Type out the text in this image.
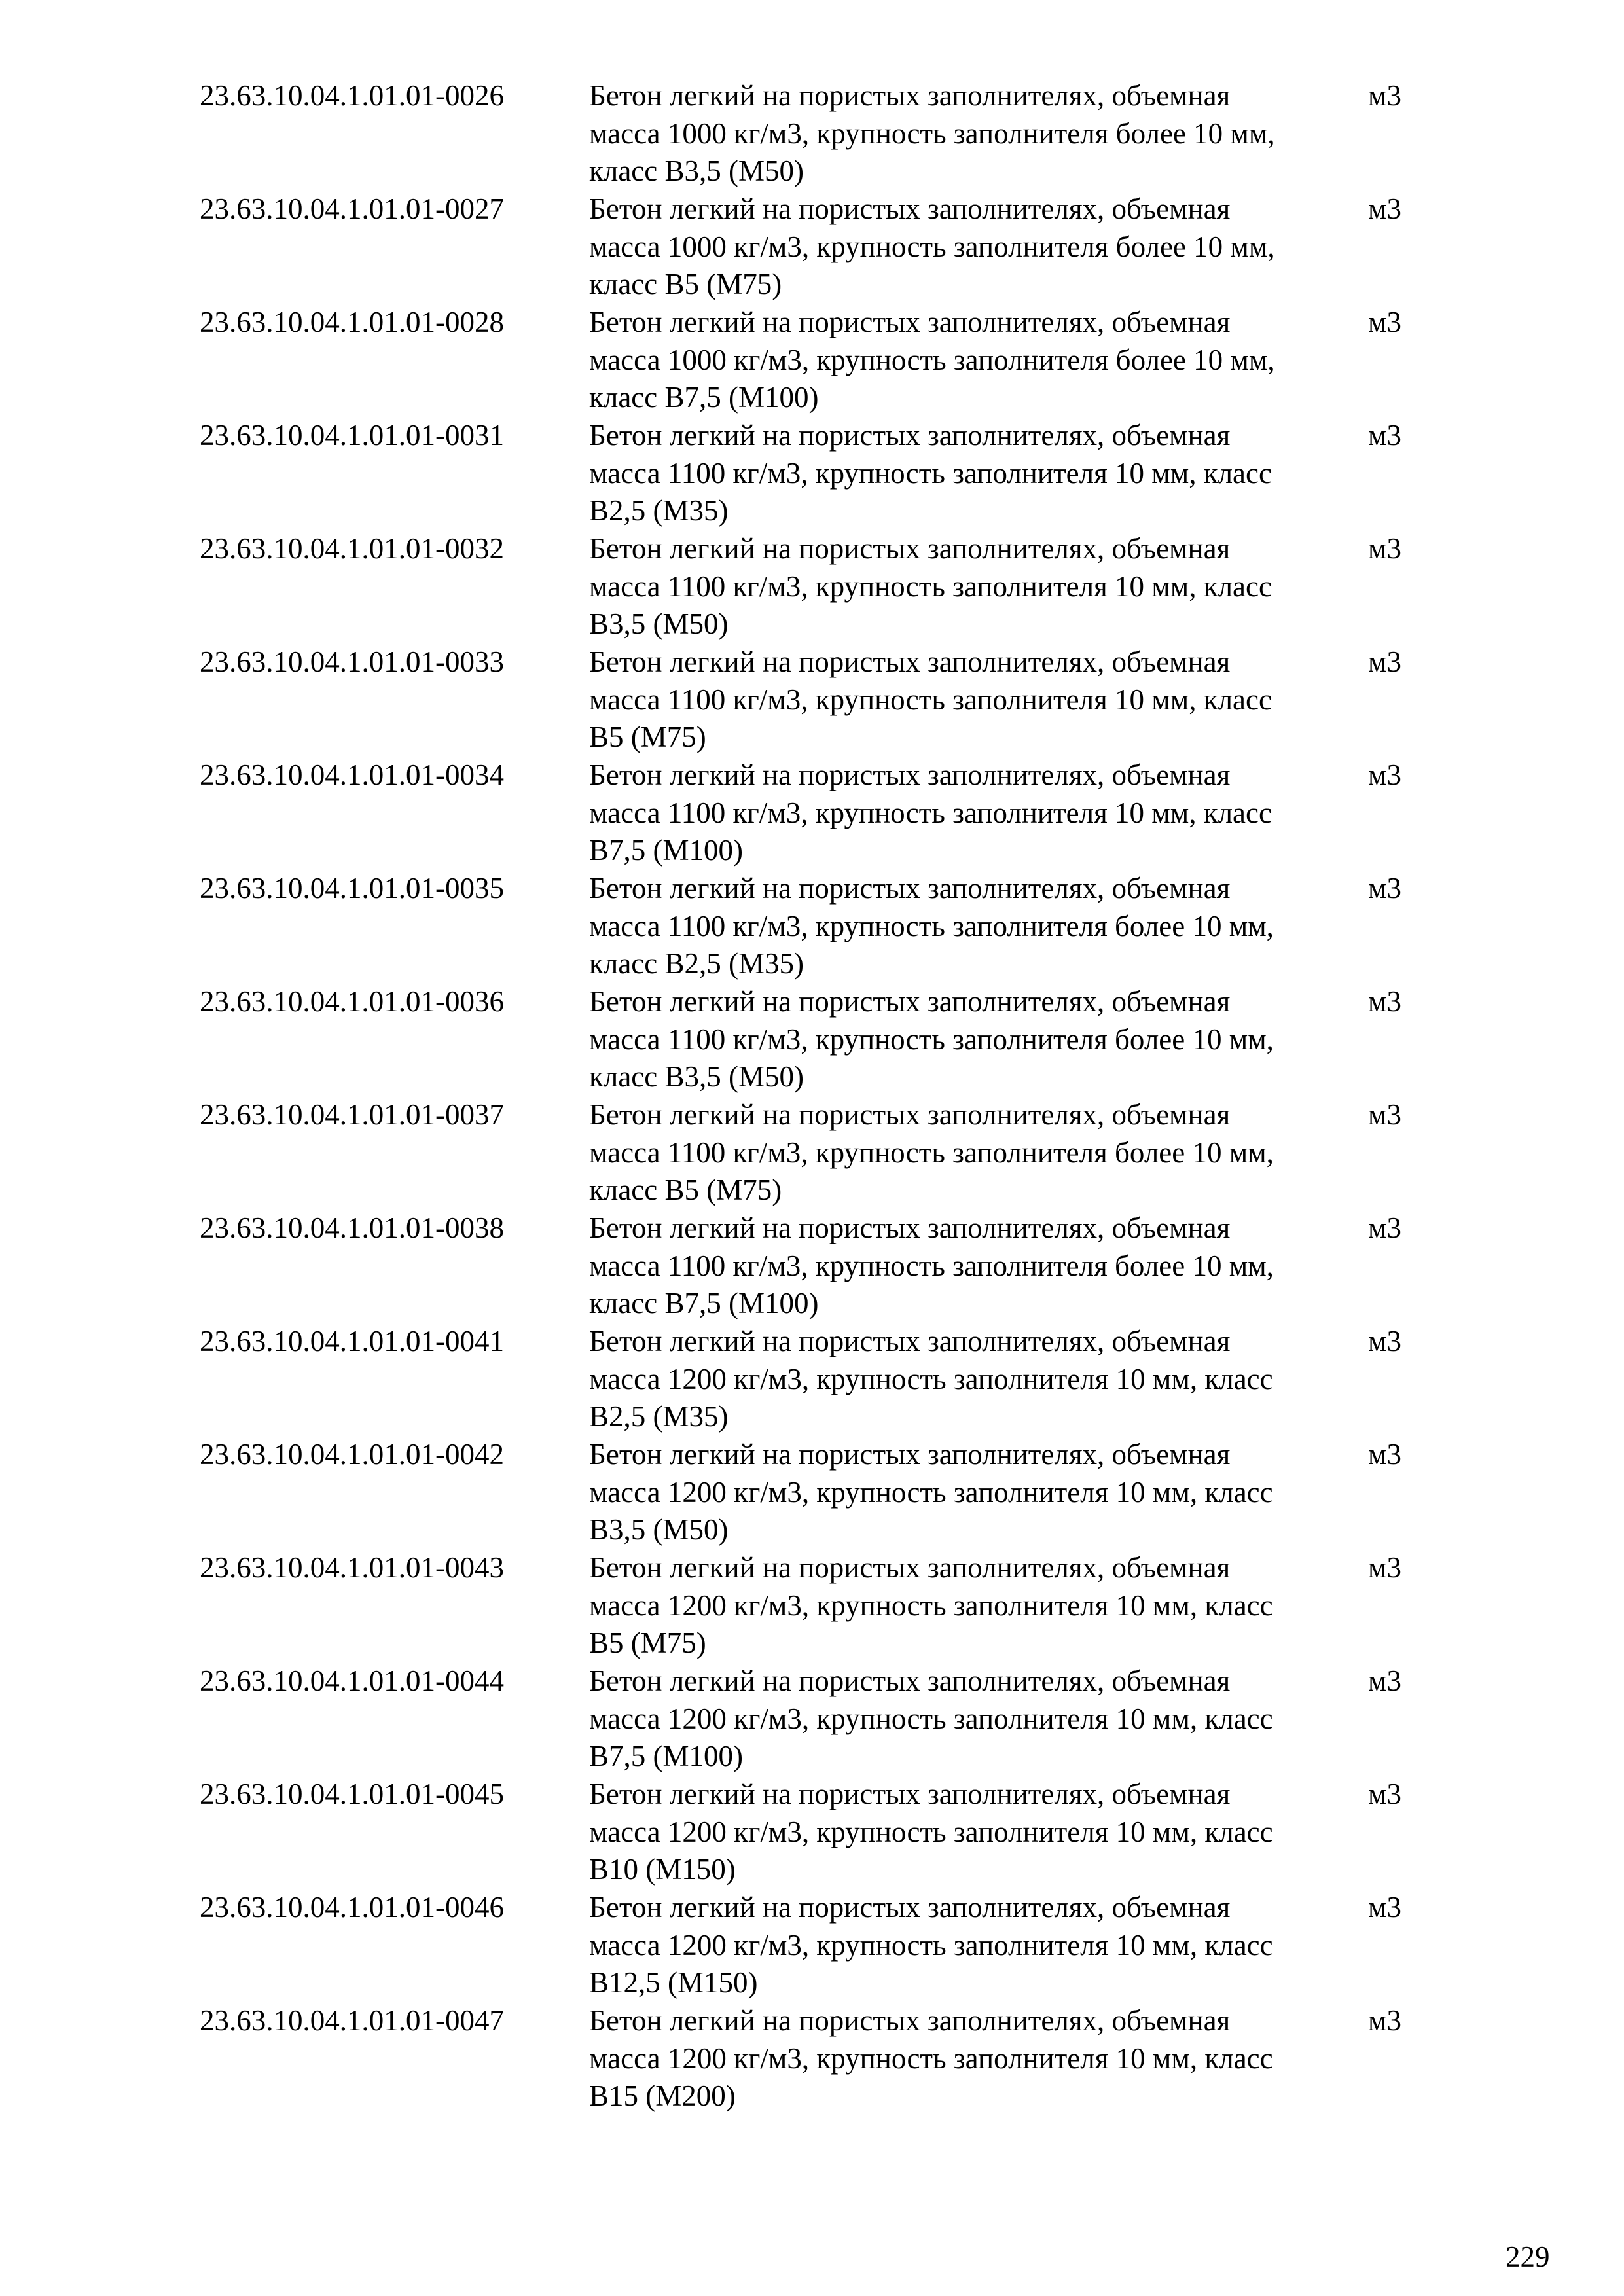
23.63.10.04.1.01.01-0026	Бетон легкий на пористых заполнителях, объемная масса 1000 кг/м3, крупность заполнителя более 10 мм, класс В3,5 (М50)
м3
23.63.10.04.1.01.01-0027	Бетон легкий на пористых заполнителях, объемная масса 1000 кг/м3, крупность заполнителя более 10 мм, класс В5 (М75)
м3
23.63.10.04.1.01.01-0028	Бетон легкий на пористых заполнителях, объемная масса 1000 кг/м3, крупность заполнителя более 10 мм, класс В7,5 (М100)
м3
23.63.10.04.1.01.01-0031	Бетон легкий на пористых заполнителях, объемная масса 1100 кг/м3, крупность заполнителя 10 мм, класс В2,5 (М35)
м3
23.63.10.04.1.01.01-0032	Бетон легкий на пористых заполнителях, объемная масса 1100 кг/м3, крупность заполнителя 10 мм, класс В3,5 (М50)
м3
23.63.10.04.1.01.01-0033	Бетон легкий на пористых заполнителях, объемная масса 1100 кг/м3, крупность заполнителя 10 мм, класс В5 (М75)
м3
23.63.10.04.1.01.01-0034	Бетон легкий на пористых заполнителях, объемная масса 1100 кг/м3, крупность заполнителя 10 мм, класс В7,5 (М100)
м3
23.63.10.04.1.01.01-0035	Бетон легкий на пористых заполнителях, объемная масса 1100 кг/м3, крупность заполнителя более 10 мм, класс В2,5 (М35)
м3
23.63.10.04.1.01.01-0036	Бетон легкий на пористых заполнителях, объемная масса 1100 кг/м3, крупность заполнителя более 10 мм, класс В3,5 (М50)
м3
23.63.10.04.1.01.01-0037	Бетон легкий на пористых заполнителях, объемная масса 1100 кг/м3, крупность заполнителя более 10 мм, класс В5 (М75)
м3
23.63.10.04.1.01.01-0038	Бетон легкий на пористых заполнителях, объемная масса 1100 кг/м3, крупность заполнителя более 10 мм, класс В7,5 (М100)
м3
23.63.10.04.1.01.01-0041	Бетон легкий на пористых заполнителях, объемная масса 1200 кг/м3, крупность заполнителя 10 мм, класс В2,5 (М35)
м3
23.63.10.04.1.01.01-0042	Бетон легкий на пористых заполнителях, объемная масса 1200 кг/м3, крупность заполнителя 10 мм, класс В3,5 (М50)
м3
23.63.10.04.1.01.01-0043	Бетон легкий на пористых заполнителях, объемная масса 1200 кг/м3, крупность заполнителя 10 мм, класс В5 (М75)
м3
23.63.10.04.1.01.01-0044	Бетон легкий на пористых заполнителях, объемная масса 1200 кг/м3, крупность заполнителя 10 мм, класс В7,5 (М100)
м3
23.63.10.04.1.01.01-0045	Бетон легкий на пористых заполнителях, объемная масса 1200 кг/м3, крупность заполнителя 10 мм, класс В10 (М150)
м3
23.63.10.04.1.01.01-0046	Бетон легкий на пористых заполнителях, объемная масса 1200 кг/м3, крупность заполнителя 10 мм, класс В12,5 (М150)
м3
23.63.10.04.1.01.01-0047	Бетон легкий на пористых заполнителях, объемная масса 1200 кг/м3, крупность заполнителя 10 мм, класс В15 (М200)
м3
229
